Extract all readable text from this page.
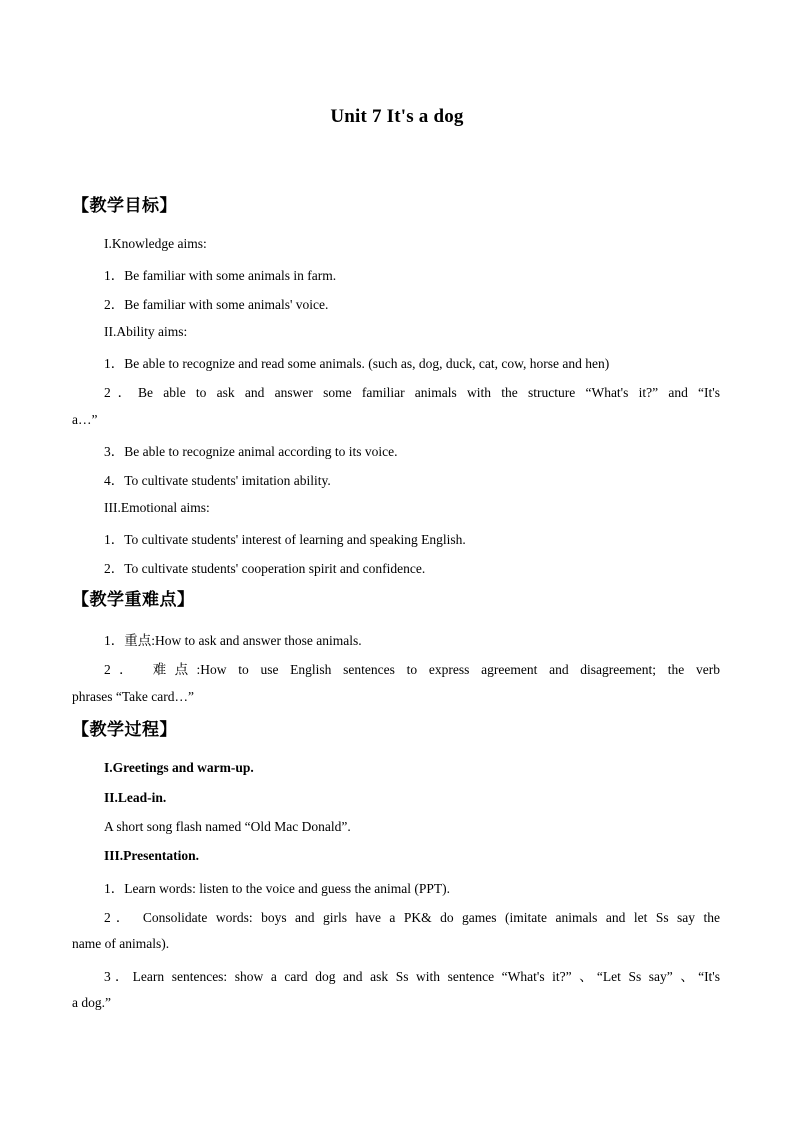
Unit 7 It's a dog
【教学目标】
I.Knowledge aims:
1．Be familiar with some animals in farm.
2．Be familiar with some animals' voice.
II.Ability aims:
1．Be able to recognize and read some animals. (such as, dog, duck, cat, cow, horse and hen)
2．Be able to ask and answer some familiar animals with the structure “What's it?” and “It's
a…”
3．Be able to recognize animal according to its voice.
4．To cultivate students' imitation ability.
III.Emotional aims:
1．To cultivate students' interest of learning and speaking English.
2．To cultivate students' cooperation spirit and confidence.
【教学重难点】
1．重点:How to ask and answer those animals.
2． 难点:How to use English sentences to express agreement and disagreement; the verb
phrases “Take card…”
【教学过程】
I.Greetings and warm-up.
II.Lead-in.
A short song flash named “Old Mac Donald”.
III.Presentation.
1．Learn words: listen to the voice and guess the animal (PPT).
2． Consolidate words: boys and girls have a PK& do games (imitate animals and let Ss say the
name of animals).
3．Learn sentences: show a card dog and ask Ss with sentence “What's it?” 、“Let Ss say” 、“It's
a dog.”
